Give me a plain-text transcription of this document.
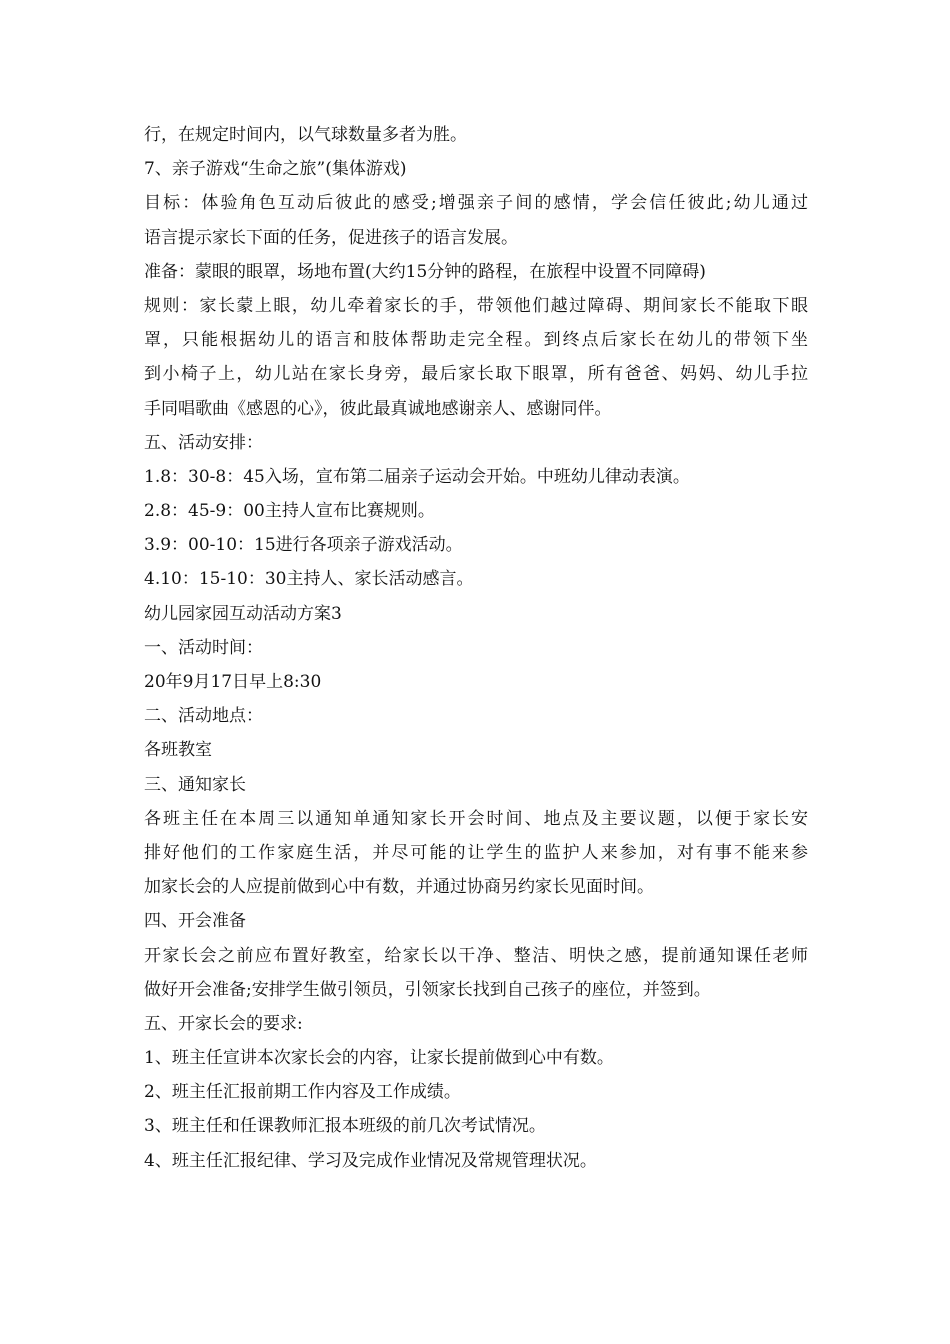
行，在规定时间内，以气球数量多者为胜。
7、亲子游戏“生命之旅”(集体游戏)
目标：体验角色互动后彼此的感受;增强亲子间的感情，学会信任彼此;幼儿通过
语言提示家长下面的任务，促进孩子的语言发展。
准备：蒙眼的眼罩，场地布置(大约15分钟的路程，在旅程中设置不同障碍)
规则：家长蒙上眼，幼儿牵着家长的手，带领他们越过障碍、期间家长不能取下眼
罩，只能根据幼儿的语言和肢体帮助走完全程。到终点后家长在幼儿的带领下坐
到小椅子上，幼儿站在家长身旁，最后家长取下眼罩，所有爸爸、妈妈、幼儿手拉
手同唱歌曲《感恩的心》，彼此最真诚地感谢亲人、感谢同伴。
五、活动安排：
1.8：30-8：45入场，宣布第二届亲子运动会开始。中班幼儿律动表演。
2.8：45-9：00主持人宣布比赛规则。
3.9：00-10：15进行各项亲子游戏活动。
4.10：15-10：30主持人、家长活动感言。
幼儿园家园互动活动方案3
一、活动时间：
20年9月17日早上8:30
二、活动地点：
各班教室
三、通知家长
各班主任在本周三以通知单通知家长开会时间、地点及主要议题，以便于家长安
排好他们的工作家庭生活，并尽可能的让学生的监护人来参加，对有事不能来参
加家长会的人应提前做到心中有数，并通过协商另约家长见面时间。
四、开会准备
开家长会之前应布置好教室，给家长以干净、整洁、明快之感，提前通知课任老师
做好开会准备;安排学生做引领员，引领家长找到自己孩子的座位，并签到。
五、开家长会的要求:
1、班主任宣讲本次家长会的内容，让家长提前做到心中有数。
2、班主任汇报前期工作内容及工作成绩。
3、班主任和任课教师汇报本班级的前几次考试情况。
4、班主任汇报纪律、学习及完成作业情况及常规管理状况。
